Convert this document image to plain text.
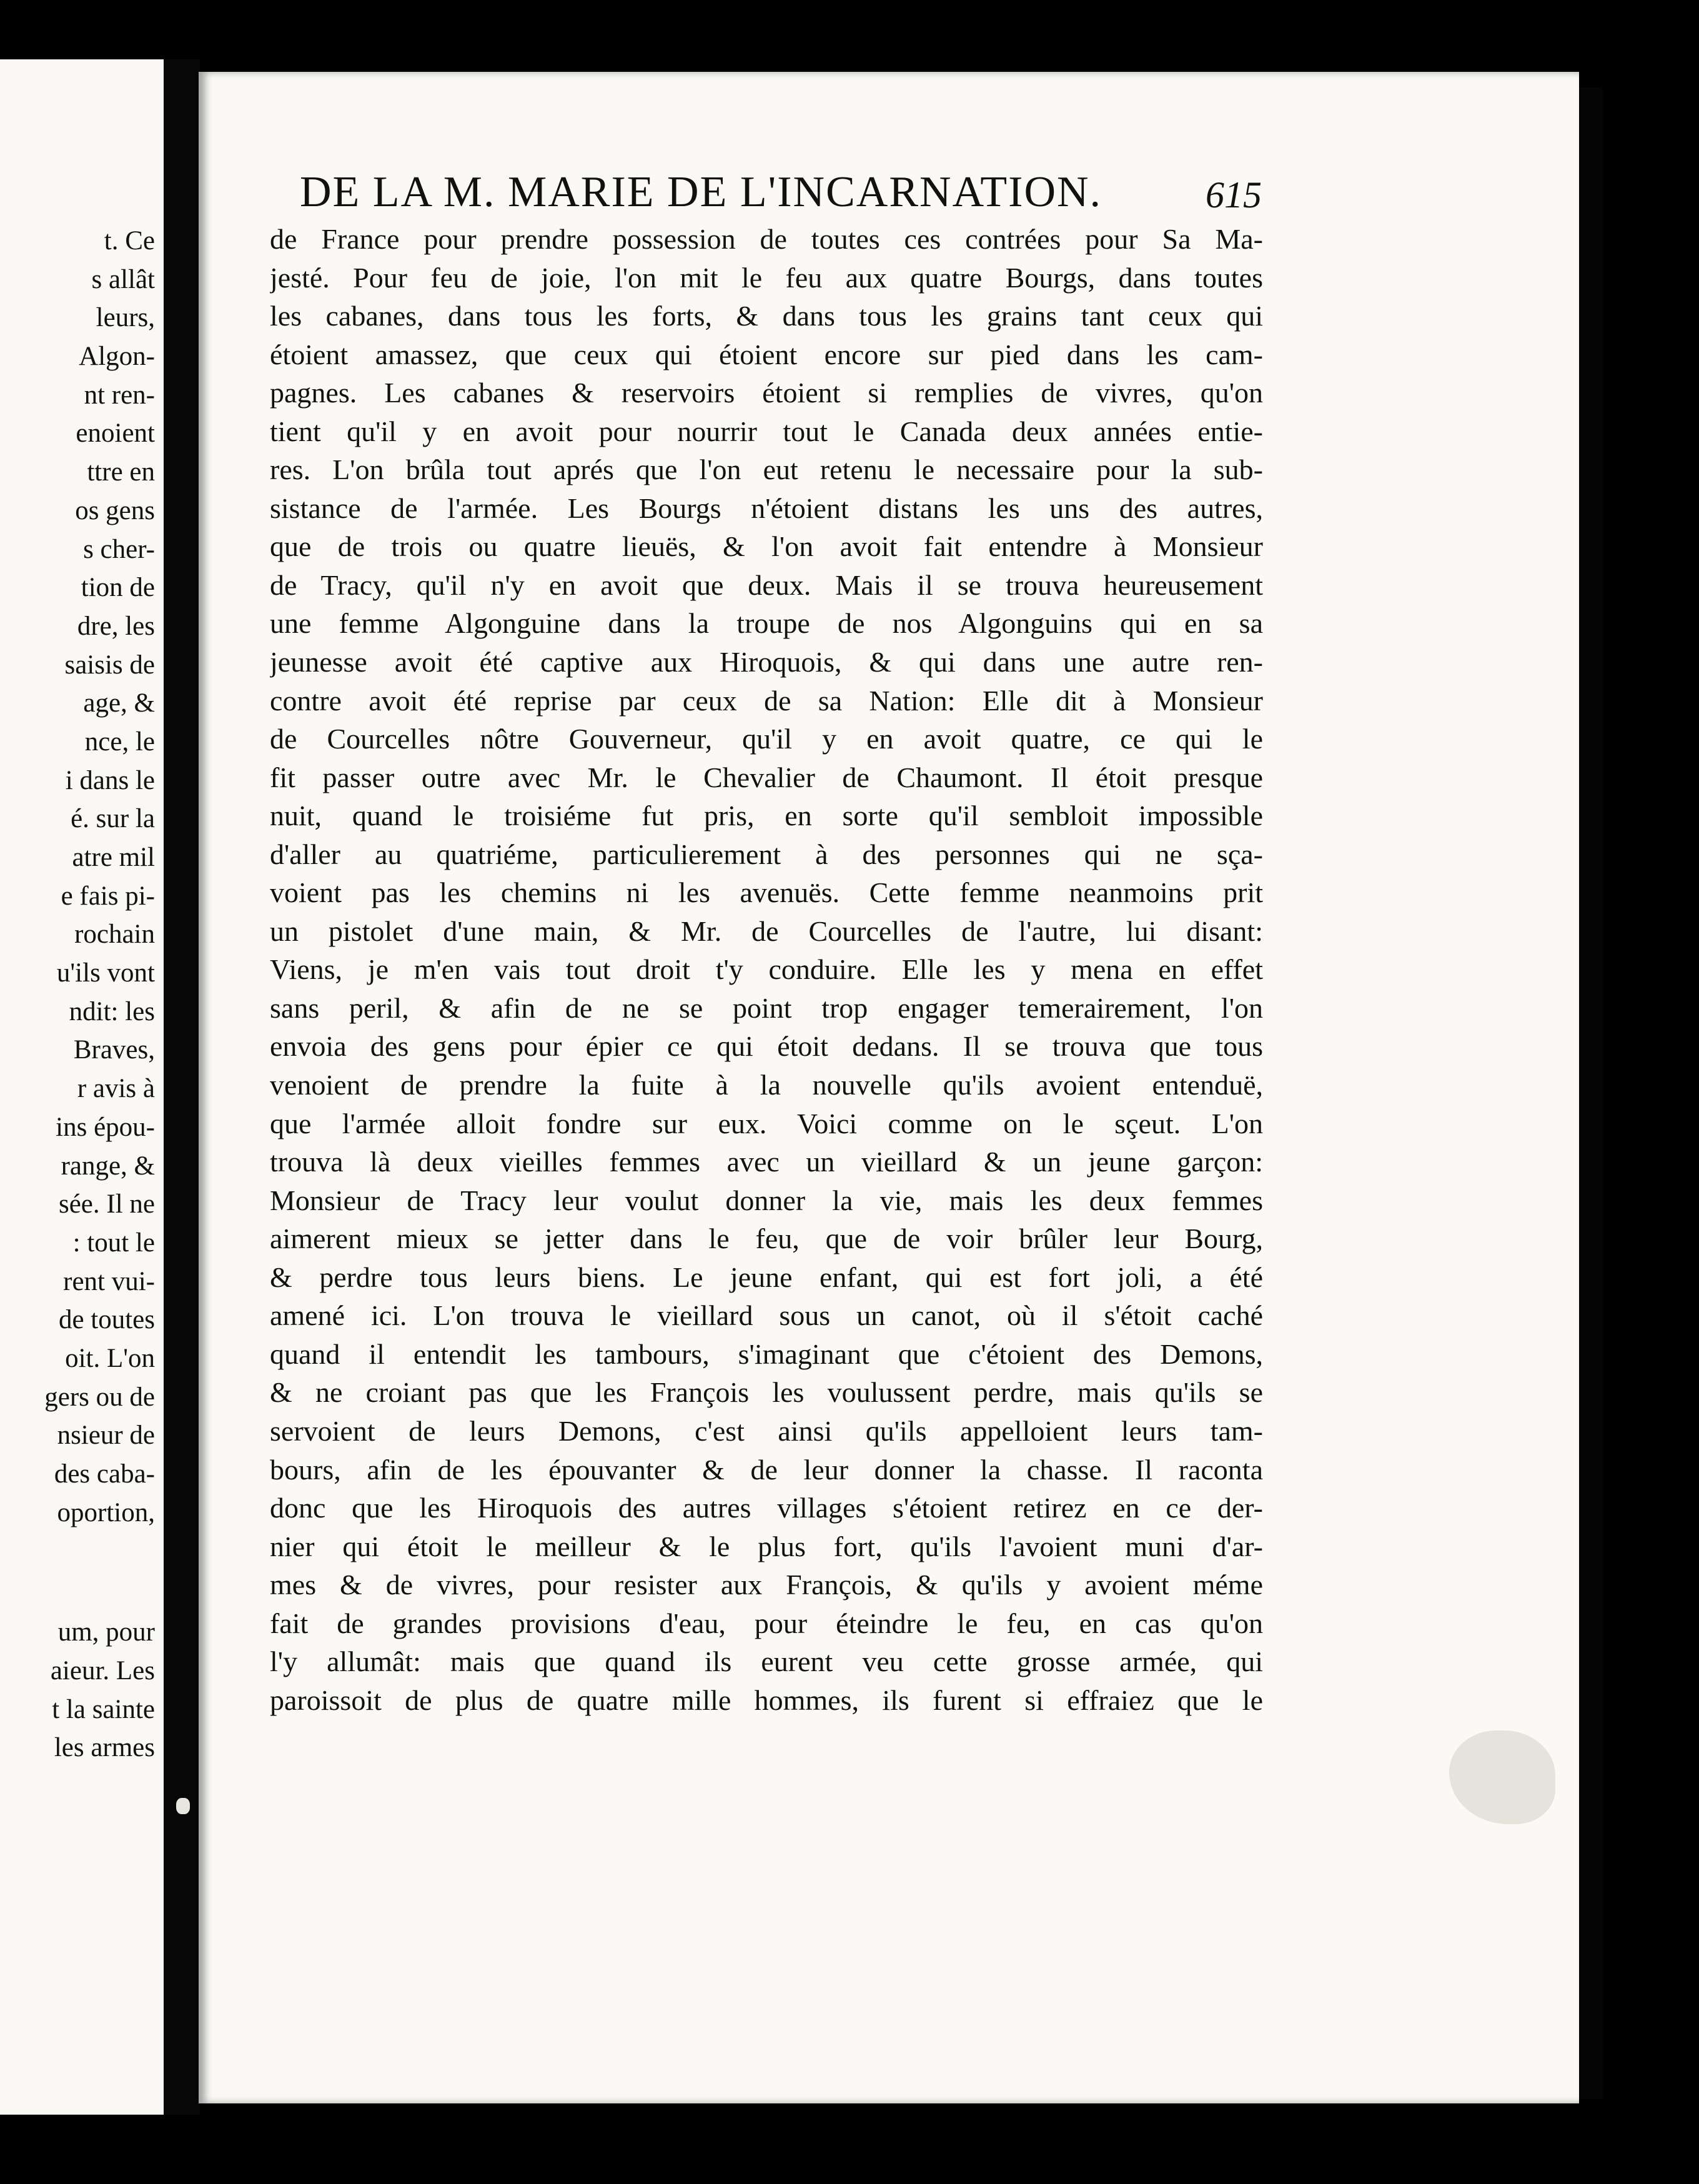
t. Ce
s allât
leurs,
Algon-
nt ren-
enoient
ttre en
os gens
s cher-
tion de
dre, les
saisis de
age, &
nce, le
i dans le
é. sur la
atre mil
e fais pi-
rochain
u'ils vont
ndit: les
Braves,
r avis à
ins épou-
range, &
sée. Il ne
: tout le
rent vui-
de toutes
oit. L'on
gers ou de
nsieur de
des caba-
oportion,
um, pour
aieur. Les
t la sainte
les armes
DE LA M. MARIE DE L'INCARNATION.	615
de France pour prendre possession de toutes ces contrées pour Sa Ma-
jesté. Pour feu de joie, l'on mit le feu aux quatre Bourgs, dans toutes
les cabanes, dans tous les forts, & dans tous les grains tant ceux qui
étoient amassez, que ceux qui étoient encore sur pied dans les cam-
pagnes. Les cabanes & reservoirs étoient si remplies de vivres, qu'on
tient qu'il y en avoit pour nourrir tout le Canada deux années entie-
res. L'on brûla tout aprés que l'on eut retenu le necessaire pour la sub-
sistance de l'armée. Les Bourgs n'étoient distans les uns des autres,
que de trois ou quatre lieuës, & l'on avoit fait entendre à Monsieur
de Tracy, qu'il n'y en avoit que deux. Mais il se trouva heureusement
une femme Algonguine dans la troupe de nos Algonguins qui en sa
jeunesse avoit été captive aux Hiroquois, & qui dans une autre ren-
contre avoit été reprise par ceux de sa Nation: Elle dit à Monsieur
de Courcelles nôtre Gouverneur, qu'il y en avoit quatre, ce qui le
fit passer outre avec Mr. le Chevalier de Chaumont. Il étoit presque
nuit, quand le troisiéme fut pris, en sorte qu'il sembloit impossible
d'aller au quatriéme, particulierement à des personnes qui ne sça-
voient pas les chemins ni les avenuës. Cette femme neanmoins prit
un pistolet d'une main, & Mr. de Courcelles de l'autre, lui disant:
Viens, je m'en vais tout droit t'y conduire. Elle les y mena en effet
sans peril, & afin de ne se point trop engager temerairement, l'on
envoia des gens pour épier ce qui étoit dedans. Il se trouva que tous
venoient de prendre la fuite à la nouvelle qu'ils avoient entenduë,
que l'armée alloit fondre sur eux. Voici comme on le sçeut. L'on
trouva là deux vieilles femmes avec un vieillard & un jeune garçon:
Monsieur de Tracy leur voulut donner la vie, mais les deux femmes
aimerent mieux se jetter dans le feu, que de voir brûler leur Bourg,
& perdre tous leurs biens. Le jeune enfant, qui est fort joli, a été
amené ici. L'on trouva le vieillard sous un canot, où il s'étoit caché
quand il entendit les tambours, s'imaginant que c'étoient des Demons,
& ne croiant pas que les François les voulussent perdre, mais qu'ils se
servoient de leurs Demons, c'est ainsi qu'ils appelloient leurs tam-
bours, afin de les épouvanter & de leur donner la chasse. Il raconta
donc que les Hiroquois des autres villages s'étoient retirez en ce der-
nier qui étoit le meilleur & le plus fort, qu'ils l'avoient muni d'ar-
mes & de vivres, pour resister aux François, & qu'ils y avoient méme
fait de grandes provisions d'eau, pour éteindre le feu, en cas qu'on
l'y allumât: mais que quand ils eurent veu cette grosse armée, qui
paroissoit de plus de quatre mille hommes, ils furent si effraiez que le
